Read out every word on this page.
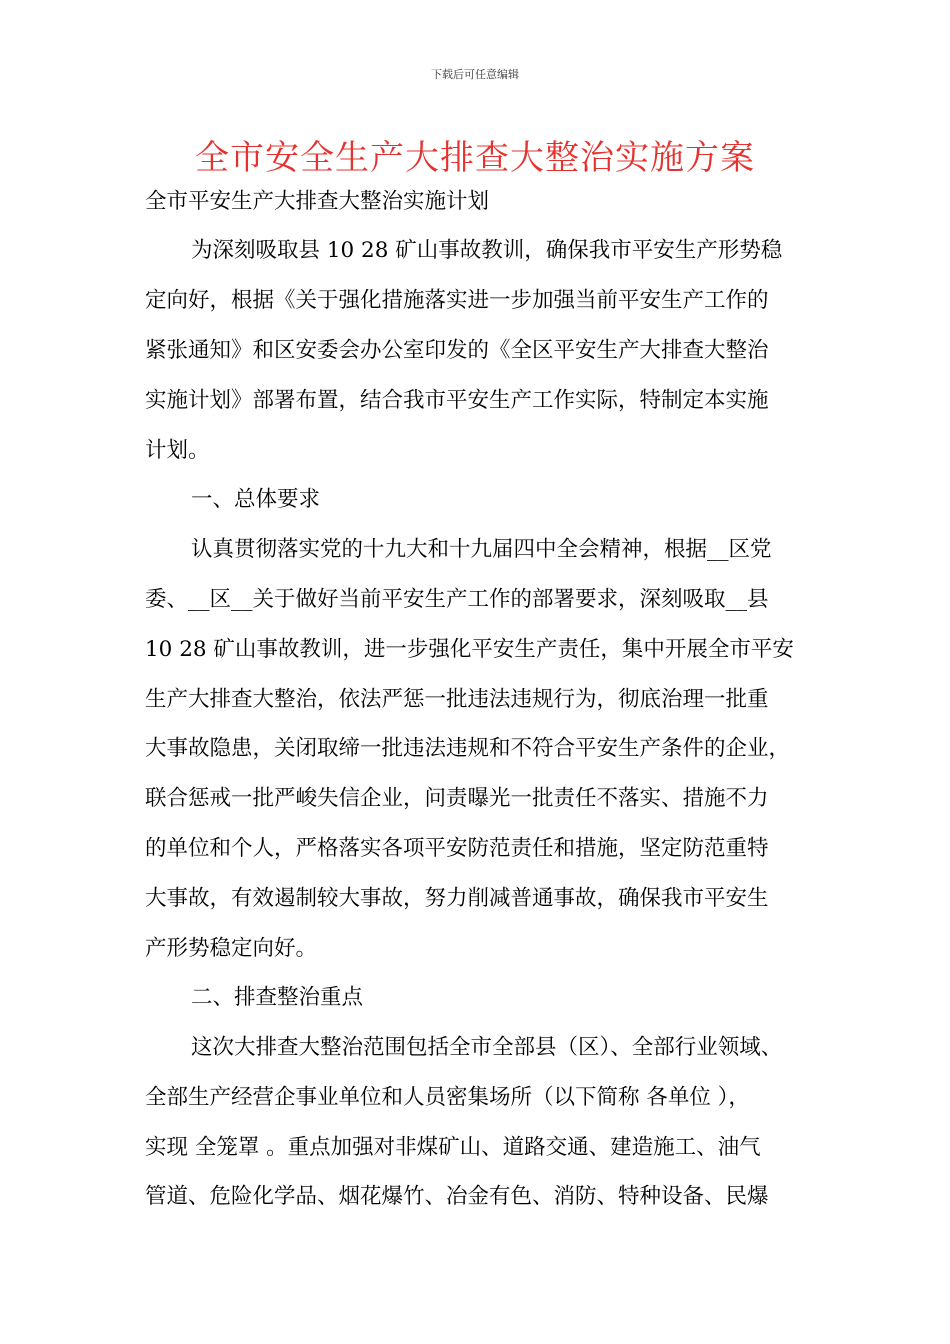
下载后可任意编辑
全市安全生产大排查大整治实施方案
全市平安生产大排查大整治实施计划
为深刻吸取县 10 28 矿山事故教训，确保我市平安生产形势稳
定向好，根据《关于强化措施落实进一步加强当前平安生产工作的
紧张通知》和区安委会办公室印发的《全区平安生产大排查大整治
实施计划》部署布置，结合我市平安生产工作实际，特制定本实施
计划。
一、总体要求
认真贯彻落实党的十九大和十九届四中全会精神，根据__区党
委、__区__关于做好当前平安生产工作的部署要求，深刻吸取__县
10 28 矿山事故教训，进一步强化平安生产责任，集中开展全市平安
生产大排查大整治，依法严惩一批违法违规行为，彻底治理一批重
大事故隐患，关闭取缔一批违法违规和不符合平安生产条件的企业，
联合惩戒一批严峻失信企业，问责曝光一批责任不落实、措施不力
的单位和个人，严格落实各项平安防范责任和措施，坚定防范重特
大事故，有效遏制较大事故，努力削减普通事故，确保我市平安生
产形势稳定向好。
二、排查整治重点
这次大排查大整治范围包括全市全部县（区）、全部行业领域、
全部生产经营企事业单位和人员密集场所（以下简称 各单位 ），
实现 全笼罩 。重点加强对非煤矿山、道路交通、建造施工、油气
管道、危险化学品、烟花爆竹、冶金有色、消防、特种设备、民爆
